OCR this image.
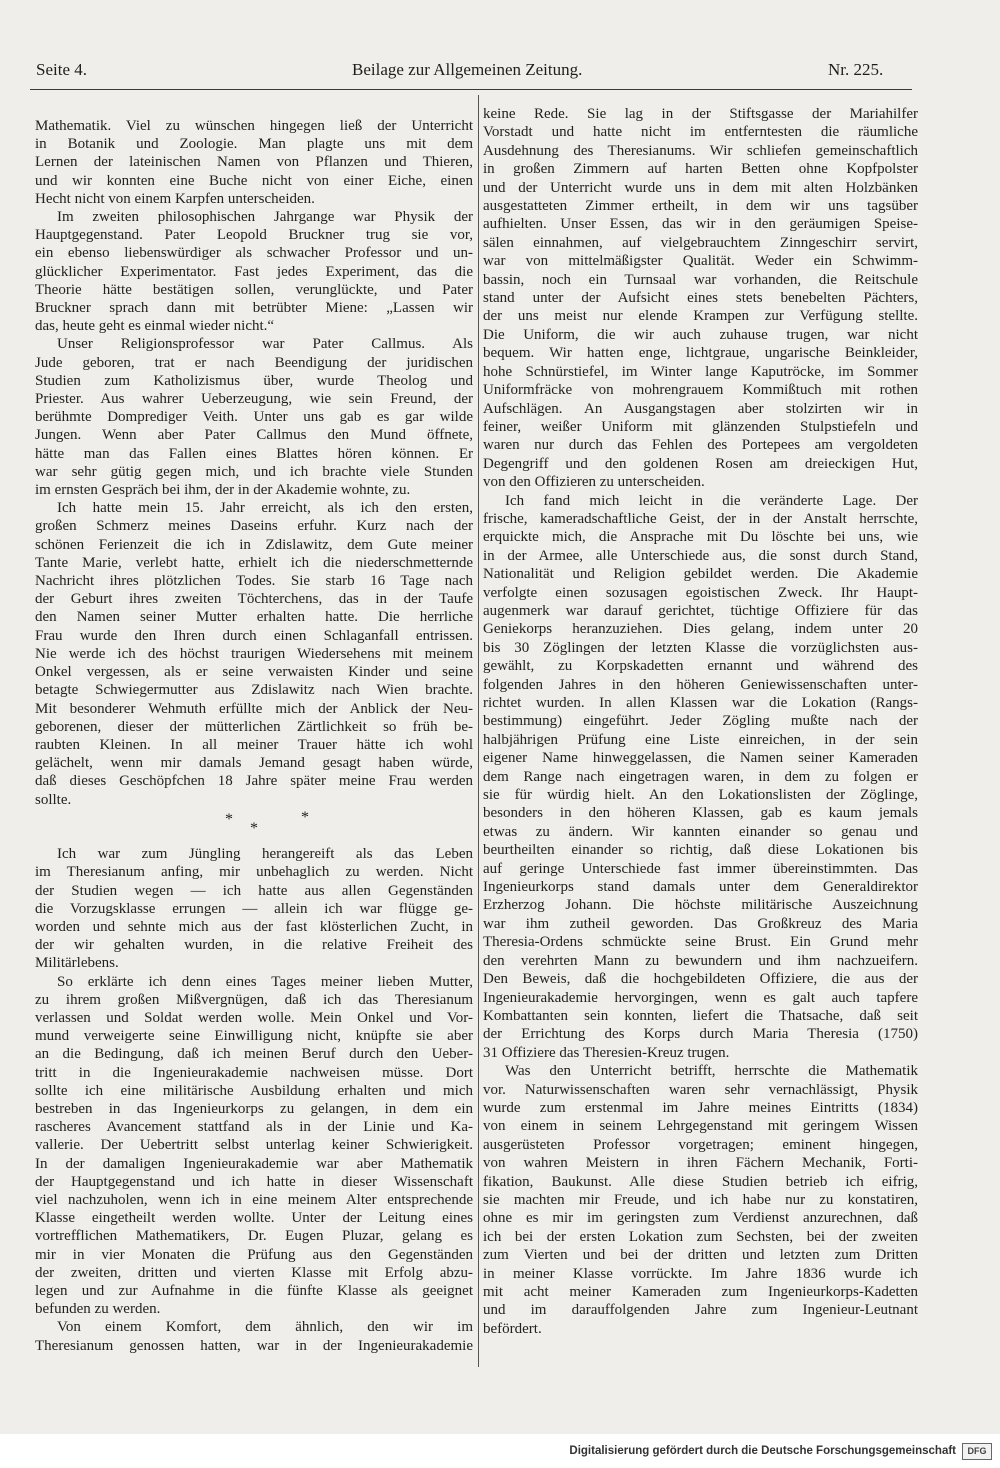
Seite 4.	Beilage zur Allgemeinen Zeitung.	Nr. 225.
Mathematik. Viel zu wünschen hingegen ließ der Unterricht
in Botanik und Zoologie. Man plagte uns mit dem
Lernen der lateinischen Namen von Pflanzen und Thieren,
und wir konnten eine Buche nicht von einer Eiche, einen
Hecht nicht von einem Karpfen unterscheiden.
Im zweiten philosophischen Jahrgange war Physik der
Hauptgegenstand. Pater Leopold Bruckner trug sie vor,
ein ebenso liebenswürdiger als schwacher Professor und un-
glücklicher Experimentator. Fast jedes Experiment, das die
Theorie hätte bestätigen sollen, verunglückte, und Pater
Bruckner sprach dann mit betrübter Miene: „Lassen wir
das, heute geht es einmal wieder nicht.“
Unser Religionsprofessor war Pater Callmus. Als
Jude geboren, trat er nach Beendigung der juridischen
Studien zum Katholizismus über, wurde Theolog und
Priester. Aus wahrer Ueberzeugung, wie sein Freund, der
berühmte Domprediger Veith. Unter uns gab es gar wilde
Jungen. Wenn aber Pater Callmus den Mund öffnete,
hätte man das Fallen eines Blattes hören können. Er
war sehr gütig gegen mich, und ich brachte viele Stunden
im ernsten Gespräch bei ihm, der in der Akademie wohnte, zu.
Ich hatte mein 15. Jahr erreicht, als ich den ersten,
großen Schmerz meines Daseins erfuhr. Kurz nach der
schönen Ferienzeit die ich in Zdislawitz, dem Gute meiner
Tante Marie, verlebt hatte, erhielt ich die niederschmetternde
Nachricht ihres plötzlichen Todes. Sie starb 16 Tage nach
der Geburt ihres zweiten Töchterchens, das in der Taufe
den Namen seiner Mutter erhalten hatte. Die herrliche
Frau wurde den Ihren durch einen Schlaganfall entrissen.
Nie werde ich des höchst traurigen Wiedersehens mit meinem
Onkel vergessen, als er seine verwaisten Kinder und seine
betagte Schwiegermutter aus Zdislawitz nach Wien brachte.
Mit besonderer Wehmuth erfüllte mich der Anblick der Neu-
geborenen, dieser der mütterlichen Zärtlichkeit so früh be-
raubten Kleinen. In all meiner Trauer hätte ich wohl
gelächelt, wenn mir damals Jemand gesagt haben würde,
daß dieses Geschöpfchen 18 Jahre später meine Frau werden
sollte.
*
*
*
Ich war zum Jüngling herangereift als das Leben
im Theresianum anfing, mir unbehaglich zu werden. Nicht
der Studien wegen — ich hatte aus allen Gegenständen
die Vorzugsklasse errungen — allein ich war flügge ge-
worden und sehnte mich aus der fast klösterlichen Zucht, in
der wir gehalten wurden, in die relative Freiheit des
Militärlebens.
So erklärte ich denn eines Tages meiner lieben Mutter,
zu ihrem großen Mißvergnügen, daß ich das Theresianum
verlassen und Soldat werden wolle. Mein Onkel und Vor-
mund verweigerte seine Einwilligung nicht, knüpfte sie aber
an die Bedingung, daß ich meinen Beruf durch den Ueber-
tritt in die Ingenieurakademie nachweisen müsse. Dort
sollte ich eine militärische Ausbildung erhalten und mich
bestreben in das Ingenieurkorps zu gelangen, in dem ein
rascheres Avancement stattfand als in der Linie und Ka-
vallerie. Der Uebertritt selbst unterlag keiner Schwierigkeit.
In der damaligen Ingenieurakademie war aber Mathematik
der Hauptgegenstand und ich hatte in dieser Wissenschaft
viel nachzuholen, wenn ich in eine meinem Alter entsprechende
Klasse eingetheilt werden wollte. Unter der Leitung eines
vortrefflichen Mathematikers, Dr. Eugen Pluzar, gelang es
mir in vier Monaten die Prüfung aus den Gegenständen
der zweiten, dritten und vierten Klasse mit Erfolg abzu-
legen und zur Aufnahme in die fünfte Klasse als geeignet
befunden zu werden.
Von einem Komfort, dem ähnlich, den wir im
Theresianum genossen hatten, war in der Ingenieurakademie
keine Rede. Sie lag in der Stiftsgasse der Mariahilfer
Vorstadt und hatte nicht im entferntesten die räumliche
Ausdehnung des Theresianums. Wir schliefen gemeinschaftlich
in großen Zimmern auf harten Betten ohne Kopfpolster
und der Unterricht wurde uns in dem mit alten Holzbänken
ausgestatteten Zimmer ertheilt, in dem wir uns tagsüber
aufhielten. Unser Essen, das wir in den geräumigen Speise-
sälen einnahmen, auf vielgebrauchtem Zinngeschirr servirt,
war von mittelmäßigster Qualität. Weder ein Schwimm-
bassin, noch ein Turnsaal war vorhanden, die Reitschule
stand unter der Aufsicht eines stets benebelten Pächters,
der uns meist nur elende Krampen zur Verfügung stellte.
Die Uniform, die wir auch zuhause trugen, war nicht
bequem. Wir hatten enge, lichtgraue, ungarische Beinkleider,
hohe Schnürstiefel, im Winter lange Kaputröcke, im Sommer
Uniformfräcke von mohrengrauem Kommißtuch mit rothen
Aufschlägen. An Ausgangstagen aber stolzirten wir in
feiner, weißer Uniform mit glänzenden Stulpstiefeln und
waren nur durch das Fehlen des Portepees am vergoldeten
Degengriff und den goldenen Rosen am dreieckigen Hut,
von den Offizieren zu unterscheiden.
Ich fand mich leicht in die veränderte Lage. Der
frische, kameradschaftliche Geist, der in der Anstalt herrschte,
erquickte mich, die Ansprache mit Du löschte bei uns, wie
in der Armee, alle Unterschiede aus, die sonst durch Stand,
Nationalität und Religion gebildet werden. Die Akademie
verfolgte einen sozusagen egoistischen Zweck. Ihr Haupt-
augenmerk war darauf gerichtet, tüchtige Offiziere für das
Geniekorps heranzuziehen. Dies gelang, indem unter 20
bis 30 Zöglingen der letzten Klasse die vorzüglichsten aus-
gewählt, zu Korpskadetten ernannt und während des
folgenden Jahres in den höheren Geniewissenschaften unter-
richtet wurden. In allen Klassen war die Lokation (Rangs-
bestimmung) eingeführt. Jeder Zögling mußte nach der
halbjährigen Prüfung eine Liste einreichen, in der sein
eigener Name hinweggelassen, die Namen seiner Kameraden
dem Range nach eingetragen waren, in dem zu folgen er
sie für würdig hielt. An den Lokationslisten der Zöglinge,
besonders in den höheren Klassen, gab es kaum jemals
etwas zu ändern. Wir kannten einander so genau und
beurtheilten einander so richtig, daß diese Lokationen bis
auf geringe Unterschiede fast immer übereinstimmten. Das
Ingenieurkorps stand damals unter dem Generaldirektor
Erzherzog Johann. Die höchste militärische Auszeichnung
war ihm zutheil geworden. Das Großkreuz des Maria
Theresia-Ordens schmückte seine Brust. Ein Grund mehr
den verehrten Mann zu bewundern und ihm nachzueifern.
Den Beweis, daß die hochgebildeten Offiziere, die aus der
Ingenieurakademie hervorgingen, wenn es galt auch tapfere
Kombattanten sein konnten, liefert die Thatsache, daß seit
der Errichtung des Korps durch Maria Theresia (1750)
31 Offiziere das Theresien-Kreuz trugen.
Was den Unterricht betrifft, herrschte die Mathematik
vor. Naturwissenschaften waren sehr vernachlässigt, Physik
wurde zum erstenmal im Jahre meines Eintritts (1834)
von einem in seinem Lehrgegenstand mit geringem Wissen
ausgerüsteten Professor vorgetragen; eminent hingegen,
von wahren Meistern in ihren Fächern Mechanik, Forti-
fikation, Baukunst. Alle diese Studien betrieb ich eifrig,
sie machten mir Freude, und ich habe nur zu konstatiren,
ohne es mir im geringsten zum Verdienst anzurechnen, daß
ich bei der ersten Lokation zum Sechsten, bei der zweiten
zum Vierten und bei der dritten und letzten zum Dritten
in meiner Klasse vorrückte. Im Jahre 1836 wurde ich
mit acht meiner Kameraden zum Ingenieurkorps-Kadetten
und im darauffolgenden Jahre zum Ingenieur-Leutnant
befördert.
Digitalisierung gefördert durch die Deutsche Forschungsgemeinschaft	DFG
